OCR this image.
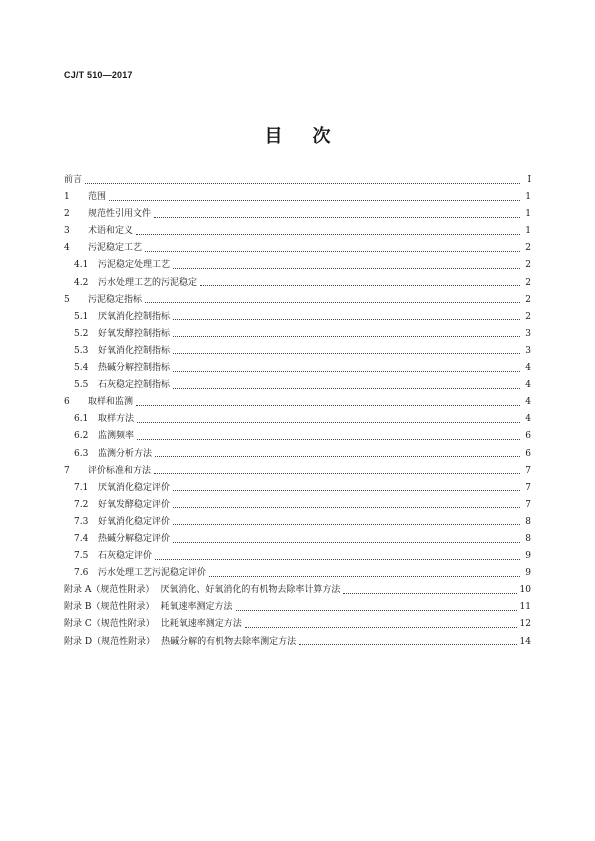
CJ/T 510—2017
目 次
前言	Ⅰ
1	范围	1
2	规范性引用文件	1
3	术语和定义	1
4	污泥稳定工艺	2
4.1	污泥稳定处理工艺	2
4.2	污水处理工艺的污泥稳定	2
5	污泥稳定指标	2
5.1	厌氧消化控制指标	2
5.2	好氧发酵控制指标	3
5.3	好氧消化控制指标	3
5.4	热碱分解控制指标	4
5.5	石灰稳定控制指标	4
6	取样和监测	4
6.1	取样方法	4
6.2	监测频率	6
6.3	监测分析方法	6
7	评价标准和方法	7
7.1	厌氧消化稳定评价	7
7.2	好氧发酵稳定评价	7
7.3	好氧消化稳定评价	8
7.4	热碱分解稳定评价	8
7.5	石灰稳定评价	9
7.6	污水处理工艺污泥稳定评价	9
附录 A（规范性附录） 厌氧消化、好氧消化的有机物去除率计算方法	10
附录 B（规范性附录） 耗氧速率测定方法	11
附录 C（规范性附录） 比耗氧速率测定方法	12
附录 D（规范性附录） 热碱分解的有机物去除率测定方法	14
